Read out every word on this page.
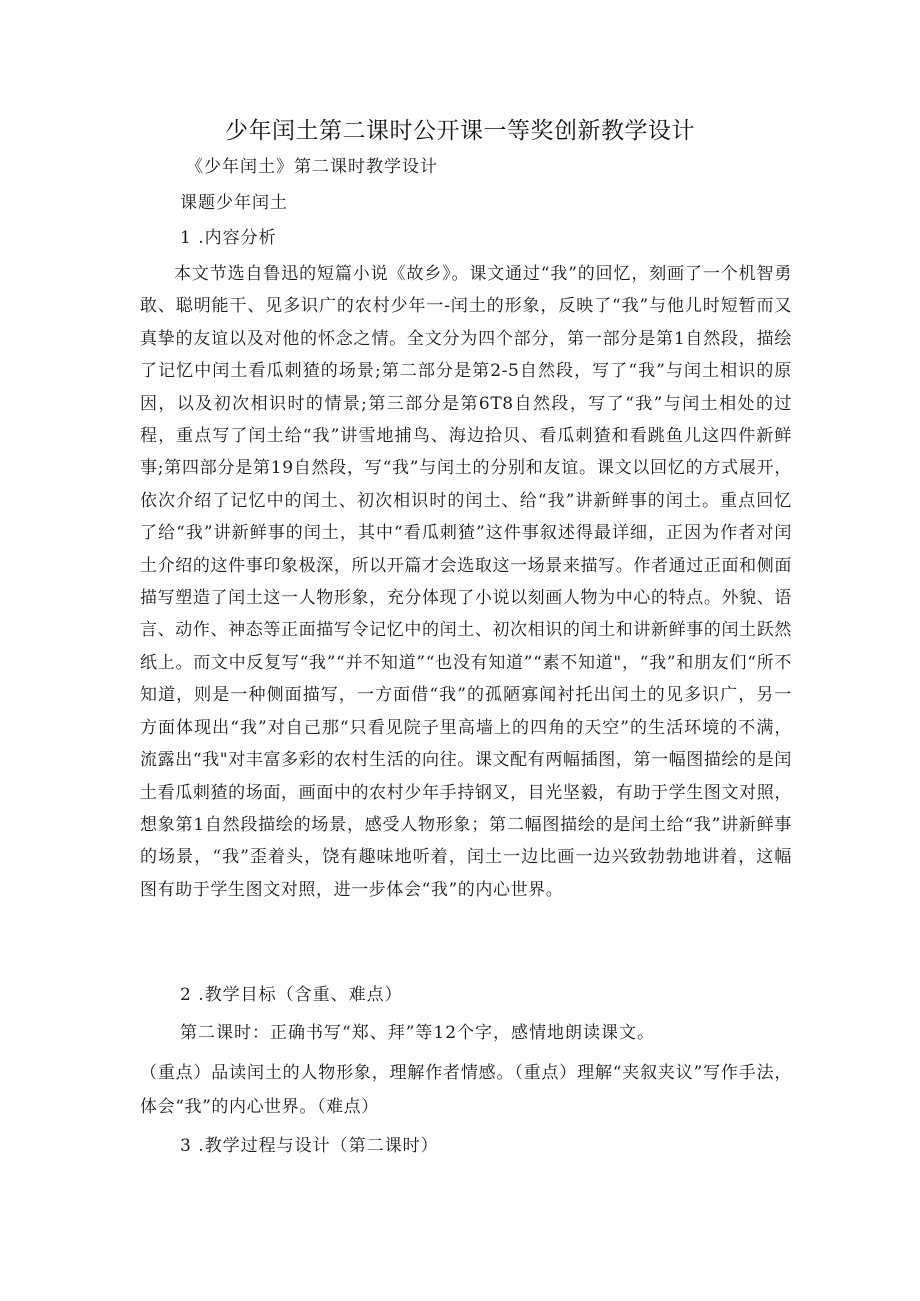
少年闰土第二课时公开课一等奖创新教学设计
《少年闰土》第二课时教学设计
课题少年闰土
1 .内容分析
本文节选自鲁迅的短篇小说《故乡》。课文通过“我”的回忆，刻画了一个机智勇敢、聪明能干、见多识广的农村少年一-闰土的形象，反映了“我”与他儿时短暂而又真挚的友谊以及对他的怀念之情。全文分为四个部分，第一部分是第1自然段，描绘了记忆中闰土看瓜刺猹的场景;第二部分是第2-5自然段，写了“我”与闰土相识的原因，以及初次相识时的情景;第三部分是第6T8自然段，写了“我”与闰土相处的过程，重点写了闰土给“我”讲雪地捕鸟、海边拾贝、看瓜刺猹和看跳鱼儿这四件新鲜事;第四部分是第19自然段，写“我”与闰土的分别和友谊。课文以回忆的方式展开，依次介绍了记忆中的闰土、初次相识时的闰土、给“我”讲新鲜事的闰土。重点回忆了给“我”讲新鲜事的闰土，其中“看瓜刺猹”这件事叙述得最详细，正因为作者对闰土介绍的这件事印象极深，所以开篇才会选取这一场景来描写。作者通过正面和侧面描写塑造了闰土这一人物形象，充分体现了小说以刻画人物为中心的特点。外貌、语言、动作、神态等正面描写令记忆中的闰土、初次相识的闰土和讲新鲜事的闰土跃然纸上。而文中反复写“我”“并不知道”“也没有知道”“素不知道"，“我”和朋友们“所不知道，则是一种侧面描写，一方面借“我”的孤陋寡闻衬托出闰土的见多识广，另一方面体现出“我”对自己那“只看见院子里高墙上的四角的天空”的生活环境的不满，流露出“我"对丰富多彩的农村生活的向往。课文配有两幅插图，第一幅图描绘的是闰土看瓜刺猹的场面，画面中的农村少年手持钢叉，目光坚毅，有助于学生图文对照，想象第1自然段描绘的场景，感受人物形象；第二幅图描绘的是闰土给“我”讲新鲜事的场景，“我”歪着头，饶有趣味地听着，闰土一边比画一边兴致勃勃地讲着，这幅图有助于学生图文对照，进一步体会“我”的内心世界。
2 .教学目标（含重、难点）
第二课时：正确书写“郑、拜”等12个字，感情地朗读课文。
（重点）品读闰土的人物形象，理解作者情感。（重点）理解“夹叙夹议”写作手法，体会“我”的内心世界。（难点）
3 .教学过程与设计（第二课时）
